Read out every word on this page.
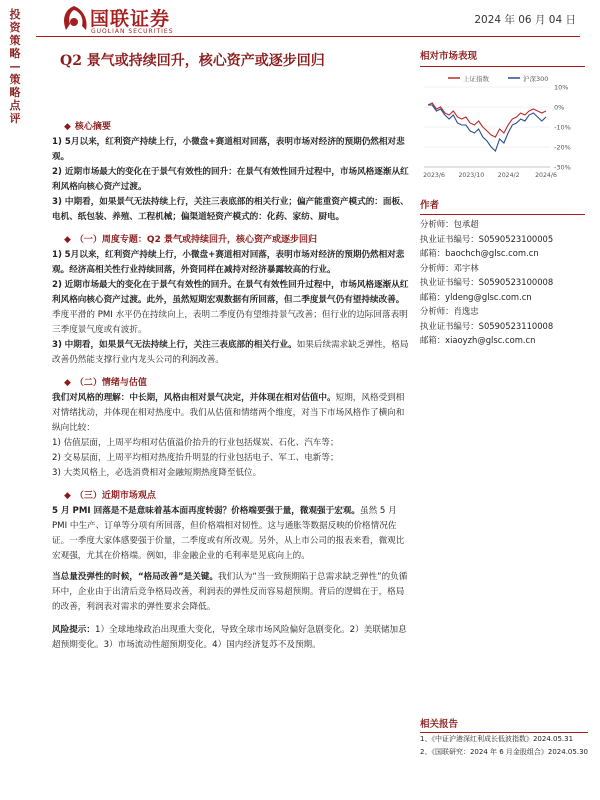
投资策略—策略点评
国联证券
GUOLIAN SECURITIES
2024 年 06 月 04 日
Q2 景气或持续回升，核心资产或逐步回归
◆ 核心摘要
1) 5月以来，红利资产持续上行，小微盘+赛道相对回落，表明市场对经济的预期仍然相对悲观。
2) 近期市场最大的变化在于景气有效性的回升：在景气有效性回升过程中，市场风格逐渐从红利风格向核心资产过渡。
3) 中期看，如果景气无法持续上行，关注三表底部的相关行业；偏产能重资产模式的：面板、电机、纸包装、养殖、工程机械；偏渠道轻资产模式的：化药、家纺、厨电。
◆ （一）周度专题：Q2 景气或持续回升，核心资产或逐步回归
1) 5月以来，红利资产持续上行，小微盘+赛道相对回落，表明市场对经济的预期仍然相对悲观。经济高相关性行业持续回落，外资同样在减持对经济暴露较高的行业。
2) 近期市场最大的变化在于景气有效性的回升。在景气有效性回升过程中，市场风格逐渐从红利风格向核心资产过渡。此外，虽然短期宏观数据有所回落，但二季度景气仍有望持续改善。季度平滑的 PMI 水平仍在持续向上，表明二季度仍有望维持景气改善；但行业的边际回落表明三季度景气度或有波折。
3) 中期看，如果景气无法持续上行，关注三表底部的相关行业。如果后续需求缺乏弹性，格局改善仍然能支撑行业内龙头公司的利润改善。
◆ （二）情绪与估值
我们对风格的理解：中长期，风格由相对景气决定，并体现在相对估值中。短期，风格受到相对情绪扰动，并体现在相对热度中。我们从估值和情绪两个维度，对当下市场风格作了横向和纵向比较：
1) 估值层面，上周平均相对估值溢价抬升的行业包括煤炭、石化、汽车等；
2) 交易层面，上周平均相对热度抬升明显的行业包括电子、军工、电新等；
3) 大类风格上，必选消费相对金融短期热度降至低位。
◆ （三）近期市场观点
5 月 PMI 回落是不是意味着基本面再度转弱？价格端要强于量，微观强于宏观。虽然 5 月 PMI 中生产、订单等分项有所回落，但价格端相对韧性。这与通胀等数据反映的价格情况佐证。一季度大家体感要强于价量，二季度或有所改观。另外，从上市公司的报表来看，微观比宏观强，尤其在价格端。例如，非金融企业的毛利率是见底向上的。
当总量没弹性的时候，“格局改善”是关键。我们认为“当一致预期陷于总需求缺乏弹性”的负循环中，企业由于出清后竞争格局改善，利润表的弹性反而容易超预期。背后的逻辑在于，格局的改善，利润表对需求的弹性要求会降低。
风险提示：1）全球地缘政治出现重大变化，导致全球市场风险偏好急剧变化。2）美联储加息超预期变化。3）市场流动性超预期变化。4）国内经济复苏不及预期。
相对市场表现
上证指数	沪深300
10%
0%
-10%
-20%
-30%
2023/6 2023/10 2024/2	2024/6
作者
分析师：包承超
执业证书编号：S0590523100005
邮箱：baochch@glsc.com.cn
分析师：邓宇林
执业证书编号：S0590523100008
邮箱：yldeng@glsc.com.cn
分析师：肖逸忠
执业证书编号：S0590523110008
邮箱：xiaoyzh@glsc.com.cn
相关报告
1、《中证沪港深红利成长低波指数》2024.05.31
2、《国联研究：2024 年 6 月金股组合》2024.05.30
